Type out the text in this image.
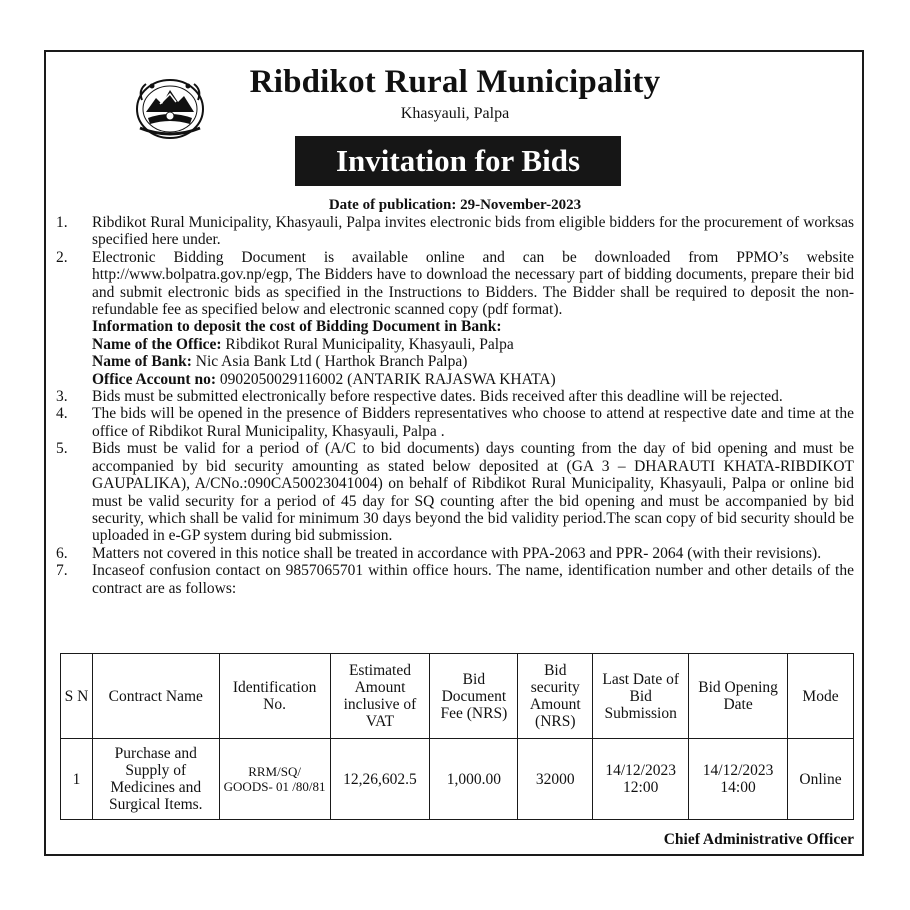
Ribdikot Rural Municipality
Khasyauli, Palpa
Invitation for Bids
Date of publication: 29-November-2023
1.	Ribdikot Rural Municipality, Khasyauli, Palpa invites electronic bids from eligible bidders for the procurement of worksas specified here under.
2.	Electronic Bidding Document is available online and can be downloaded from PPMO’s website http://www.bolpatra.gov.np/egp, The Bidders have to download the necessary part of bidding documents, prepare their bid and submit electronic bids as specified in the Instructions to Bidders. The Bidder shall be required to deposit the non-refundable fee as specified below and electronic scanned copy (pdf format).
Information to deposit the cost of Bidding Document in Bank:
Name of the Office: Ribdikot Rural Municipality, Khasyauli, Palpa
Name of Bank: Nic Asia Bank Ltd ( Harthok Branch Palpa)
Office Account no: 0902050029116002 (ANTARIK RAJASWA KHATA)
3.	Bids must be submitted electronically before respective dates. Bids received after this deadline will be rejected.
4.	The bids will be opened in the presence of Bidders representatives who choose to attend at respective date and time at the office of Ribdikot Rural Municipality, Khasyauli, Palpa .
5.	Bids must be valid for a period of (A/C to bid documents) days counting from the day of bid opening and must be accompanied by bid security amounting as stated below deposited at (GA 3 – DHARAUTI KHATA-RIBDIKOT GAUPALIKA), A/CNo.:090CA50023041004) on behalf of Ribdikot Rural Municipality, Khasyauli, Palpa or online bid must be valid security for a period of 45 day for SQ counting after the bid opening and must be accompanied by bid security, which shall be valid for minimum 30 days beyond the bid validity period.The scan copy of bid security should be uploaded in e-GP system during bid submission.
6.	Matters not covered in this notice shall be treated in accordance with PPA-2063 and PPR- 2064 (with their revisions).
7.	Incaseof confusion contact on 9857065701 within office hours. The name, identification number and other details of the contract are as follows:
S N	Contract Name	Identification No.	Estimated Amount inclusive of VAT	Bid Document Fee (NRS)	Bid security Amount (NRS)	Last Date of Bid Submission	Bid Opening Date	Mode
1	Purchase and Supply of Medicines and Surgical Items.	RRM/SQ/ GOODS- 01 /80/81	12,26,602.5	1,000.00	32000	14/12/2023 12:00	14/12/2023 14:00	Online
Chief Administrative Officer
